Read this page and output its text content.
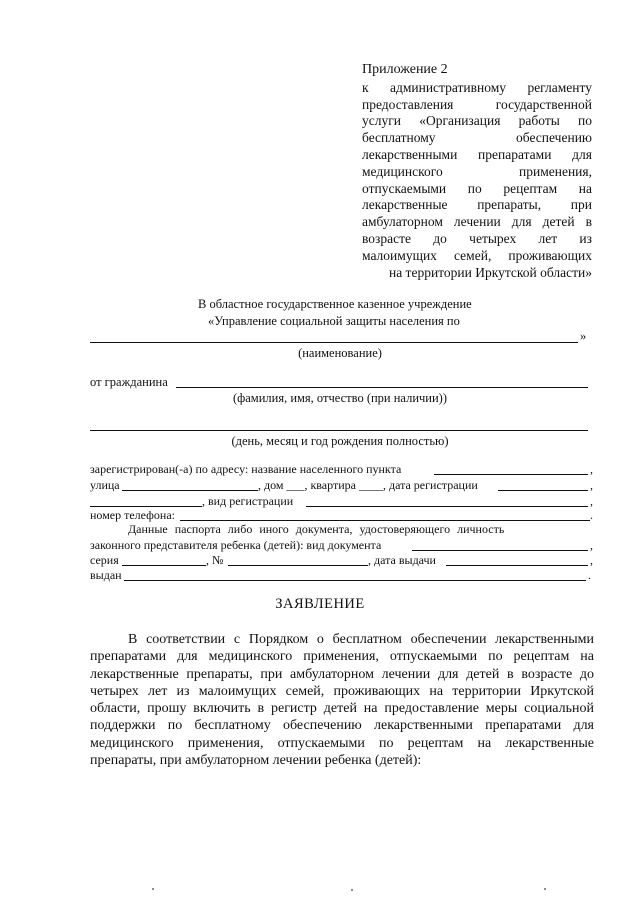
Приложение 2
к административному регламенту предоставления государственной услуги «Организация работы по бесплатному обеспечению лекарственными препаратами для медицинского применения, отпускаемыми по рецептам на лекарственные препараты, при амбулаторном лечении для детей в возрасте до четырех лет из малоимущих семей, проживающих
на территории Иркутской области»
В областное государственное казенное учреждение
«Управление социальной защиты населения по
»
(наименование)
от гражданина
(фамилия, имя, отчество (при наличии))
(день, месяц и год рождения полностью)
зарегистрирован(-а) по адресу: название населенного пункта	,
улица	, дом ___, квартира ____, дата регистрации	,
, вид регистрации	,
номер телефона:	.
Данные паспорта либо иного документа, удостоверяющего личность
законного представителя ребенка (детей): вид документа	,
серия	, №	, дата выдачи	,
выдан	.
ЗАЯВЛЕНИЕ
В соответствии с Порядком о бесплатном обеспечении лекарственными препаратами для медицинского применения, отпускаемыми по рецептам на лекарственные препараты, при амбулаторном лечении для детей в возрасте до четырех лет из малоимущих семей, проживающих на территории Иркутской области, прошу включить в регистр детей на предоставление меры социальной поддержки по бесплатному обеспечению лекарственными препаратами для медицинского применения, отпускаемыми по рецептам на лекарственные препараты, при амбулаторном лечении ребенка (детей):
